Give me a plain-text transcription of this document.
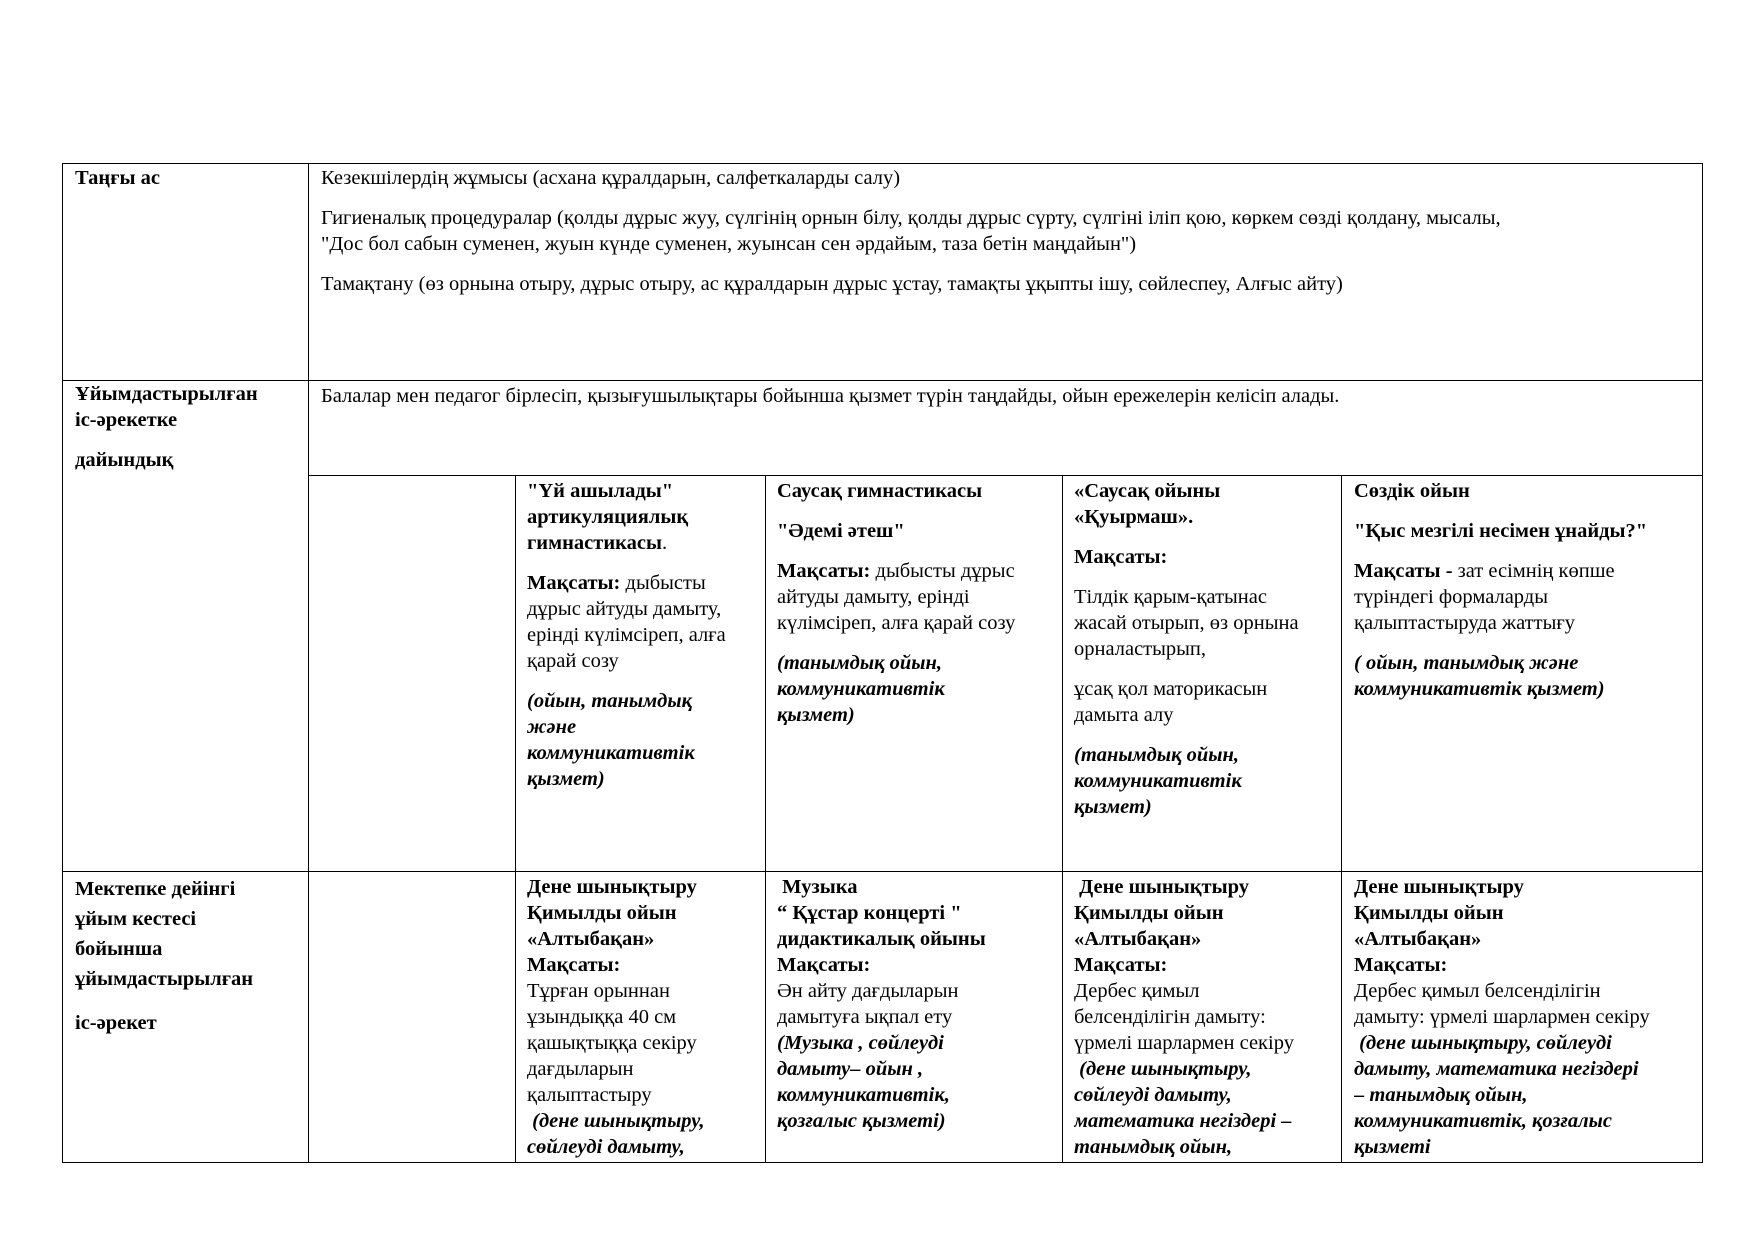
Таңғы ас	Кезекшілердің жұмысы (асхана құралдарын, салфеткаларды салу)

Гигиеналық процедуралар (қолды дұрыс жуу, сүлгінің орнын білу, қолды дұрыс сүрту, сүлгіні іліп қою, көркем сөзді қолдану, мысалы,

"Дос бол сабын суменен, жуын күнде суменен, жуынсан сен әрдайым, таза бетін маңдайын")

Тамақтану (өз орнына отыру, дұрыс отыру, ас құралдарын дұрыс ұстау, тамақты ұқыпты ішу, сөйлеспеу, Алғыс айту)

Ұйымдастырылған

іс-әрекетке

дайындық

Балалар мен педагог бірлесіп, қызығушылықтары бойынша қызмет түрін таңдайды, ойын ережелерін келісіп алады.

"Үй ашылады"

артикуляциялық

гимнастикасы.

Мақсаты: дыбысты

дұрыс айтуды дамыту,

еріндi күлімсіреп, алға

қарай созу

(ойын, танымдық

және

коммуникативтік

қызмет)

Саусақ гимнастикасы

"Әдемі әтеш"

Мақсаты: дыбысты дұрыс

айтуды дамыту, еріндi

күлімсіреп, алға қарай созу

(танымдық ойын,

коммуникативтік

қызмет)

«Саусақ ойыны

«Қуырмаш».

Мақсаты:

Тілдік қарым-қатынас

жасай отырып, өз орнына

орналастырып,

ұсақ қол маторикасын

дамыта алу

(танымдық ойын,

коммуникативтік

қызмет)

Сөздік ойын

"Қыс мезгілі несімен ұнайды?"

Мақсаты - зат есімнің көпше

түріндегі формаларды

қалыптастыруда жаттығу

( ойын, танымдық және

коммуникативтік қызмет)

Мектепке дейінгі

ұйым кестесі

бойынша

ұйымдастырылған

іс-әрекет

Дене шынықтыру

Қимылды ойын

«Алтыбақан»

Мақсаты:

Тұрған орыннан

ұзындыққа 40 см

қашықтыққа секіру

дағдыларын

қалыптастыру

(дене шынықтыру,

сөйлеуді дамыту,

Музыка

“ Құстар концерті "

дидактикалық ойыны

Мақсаты:

Ән айту дағдыларын

дамытуға ықпал ету

(Музыка , сөйлеуді

дамыту– ойын ,

коммуникативтік,

қозғалыс қызметі)

Дене шынықтыру

Қимылды ойын

«Алтыбақан»

Мақсаты:

Дербес қимыл

белсенділігін дамыту:

үрмелі шарлармен секіру

(дене шынықтыру,

сөйлеуді дамыту,

математика негіздері –

танымдық ойын,

Дене шынықтыру

Қимылды ойын

«Алтыбақан»

Мақсаты:

Дербес қимыл белсенділігін

дамыту: үрмелі шарлармен секіру

(дене шынықтыру, сөйлеуді

дамыту, математика негіздері

– танымдық ойын,

коммуникативтік, қозғалыс

қызметі
